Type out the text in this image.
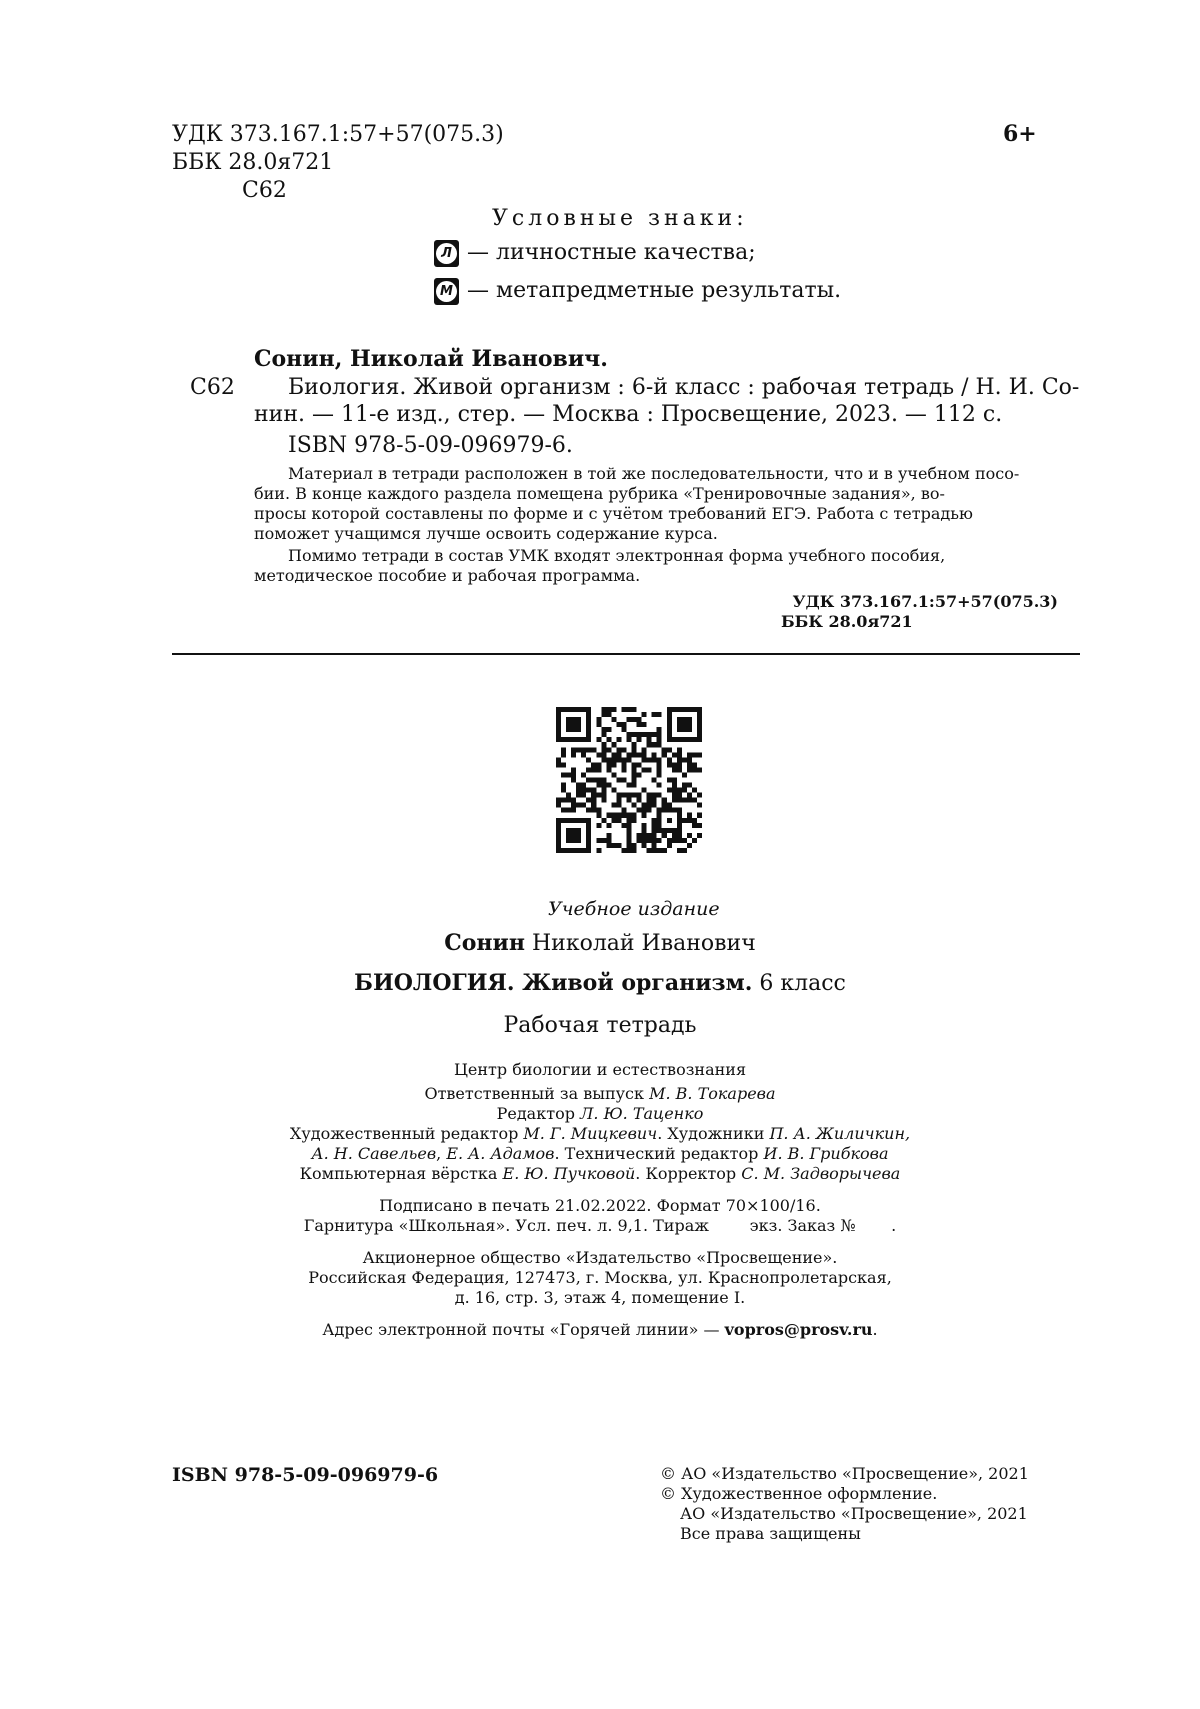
УДК 373.167.1:57+57(075.3)
ББК 28.0я721
С62
6+
Условные знаки:
Л — личностные качества;
М — метапредметные результаты.
Сонин, Николай Иванович.
С62 Биология. Живой организм : 6-й класс : рабочая тетрадь / Н. И. Со-
нин. — 11-е изд., стер. — Москва : Просвещение, 2023. — 112 с.
ISBN 978-5-09-096979-6.
Материал в тетради расположен в той же последовательности, что и в учебном посо-
бии. В конце каждого раздела помещена рубрика «Тренировочные задания», во-
просы которой составлены по форме и с учётом требований ЕГЭ. Работа с тетрадью
поможет учащимся лучше освоить содержание курса.
Помимо тетради в состав УМК входят электронная форма учебного пособия,
методическое пособие и рабочая программа.
УДК 373.167.1:57+57(075.3)
ББК 28.0я721
Учебное издание
Сонин Николай Иванович
БИОЛОГИЯ. Живой организм. 6 класс
Рабочая тетрадь
Центр биологии и естествознания
Ответственный за выпуск М. В. Токарева
Редактор Л. Ю. Таценко
Художественный редактор М. Г. Мицкевич. Художники П. А. Жиличкин,
А. Н. Савельев, Е. А. Адамов. Технический редактор И. В. Грибкова
Компьютерная вёрстка Е. Ю. Пучковой. Корректор С. М. Задворычева
Подписано в печать 21.02.2022. Формат 70×100/16.
Гарнитура «Школьная». Усл. печ. л. 9,1. Тираж        экз. Заказ №       .
Акционерное общество «Издательство «Просвещение».
Российская Федерация, 127473, г. Москва, ул. Краснопролетарская,
д. 16, стр. 3, этаж 4, помещение I.
Адрес электронной почты «Горячей линии» — vopros@prosv.ru.
ISBN 978-5-09-096979-6	© АО «Издательство «Просвещение», 2021
© Художественное оформление.
АО «Издательство «Просвещение», 2021
Все права защищены
